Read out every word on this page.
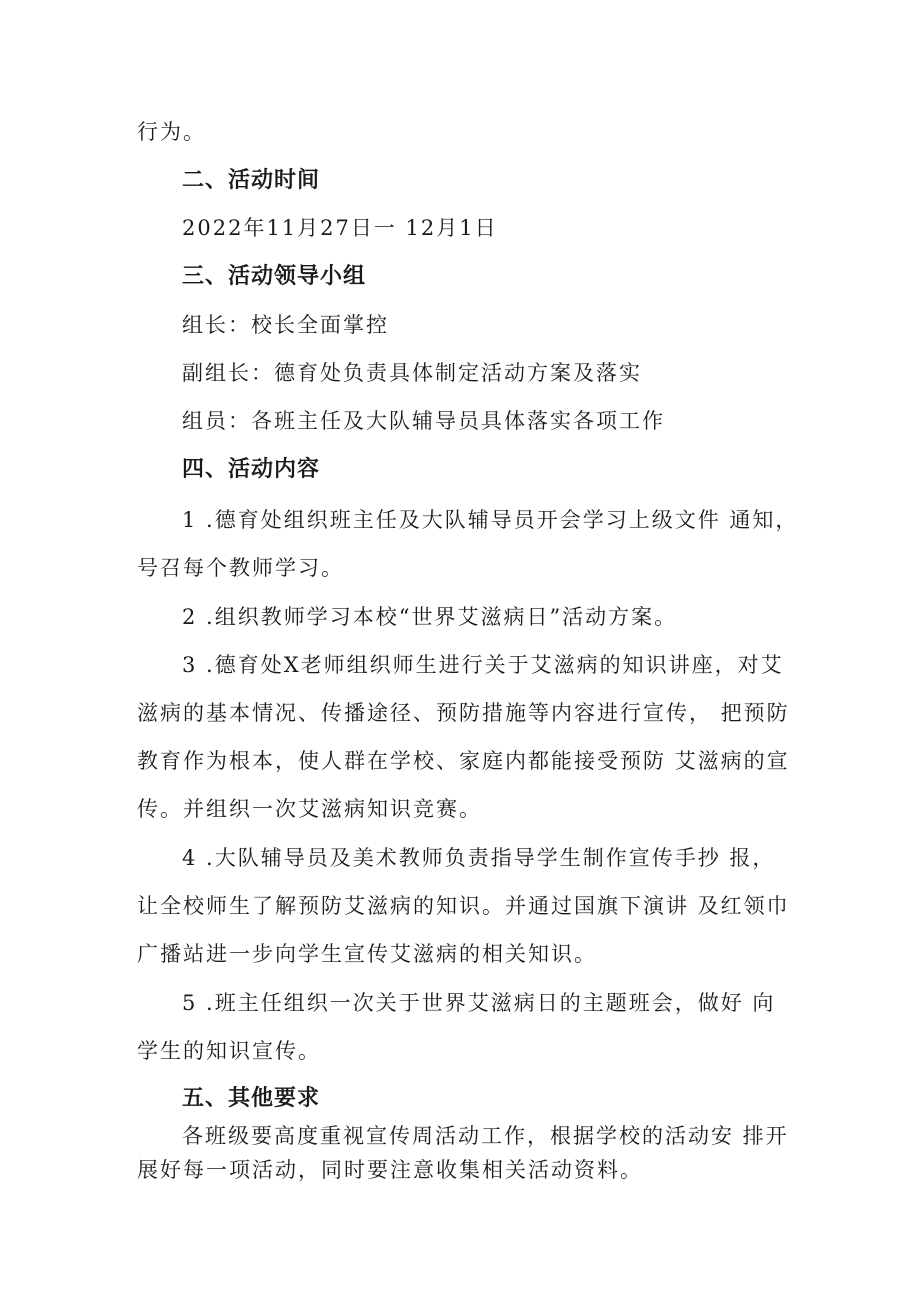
行为。
二、活动时间
2022年11月27日一 12月1日
三、活动领导小组
组长：校长全面掌控
副组长：德育处负责具体制定活动方案及落实
组员：各班主任及大队辅导员具体落实各项工作
四、活动内容
1 .德育处组织班主任及大队辅导员开会学习上级文件 通知，
号召每个教师学习。
2 .组织教师学习本校“世界艾滋病日”活动方案。
3 .德育处X老师组织师生进行关于艾滋病的知识讲座，对艾
滋病的基本情况、传播途径、预防措施等内容进行宣传， 把预防
教育作为根本，使人群在学校、家庭内都能接受预防 艾滋病的宣
传。并组织一次艾滋病知识竞赛。
4 .大队辅导员及美术教师负责指导学生制作宣传手抄 报，
让全校师生了解预防艾滋病的知识。并通过国旗下演讲 及红领巾
广播站进一步向学生宣传艾滋病的相关知识。
5 .班主任组织一次关于世界艾滋病日的主题班会，做好 向
学生的知识宣传。
五、其他要求
各班级要高度重视宣传周活动工作，根据学校的活动安 排开
展好每一项活动，同时要注意收集相关活动资料。
